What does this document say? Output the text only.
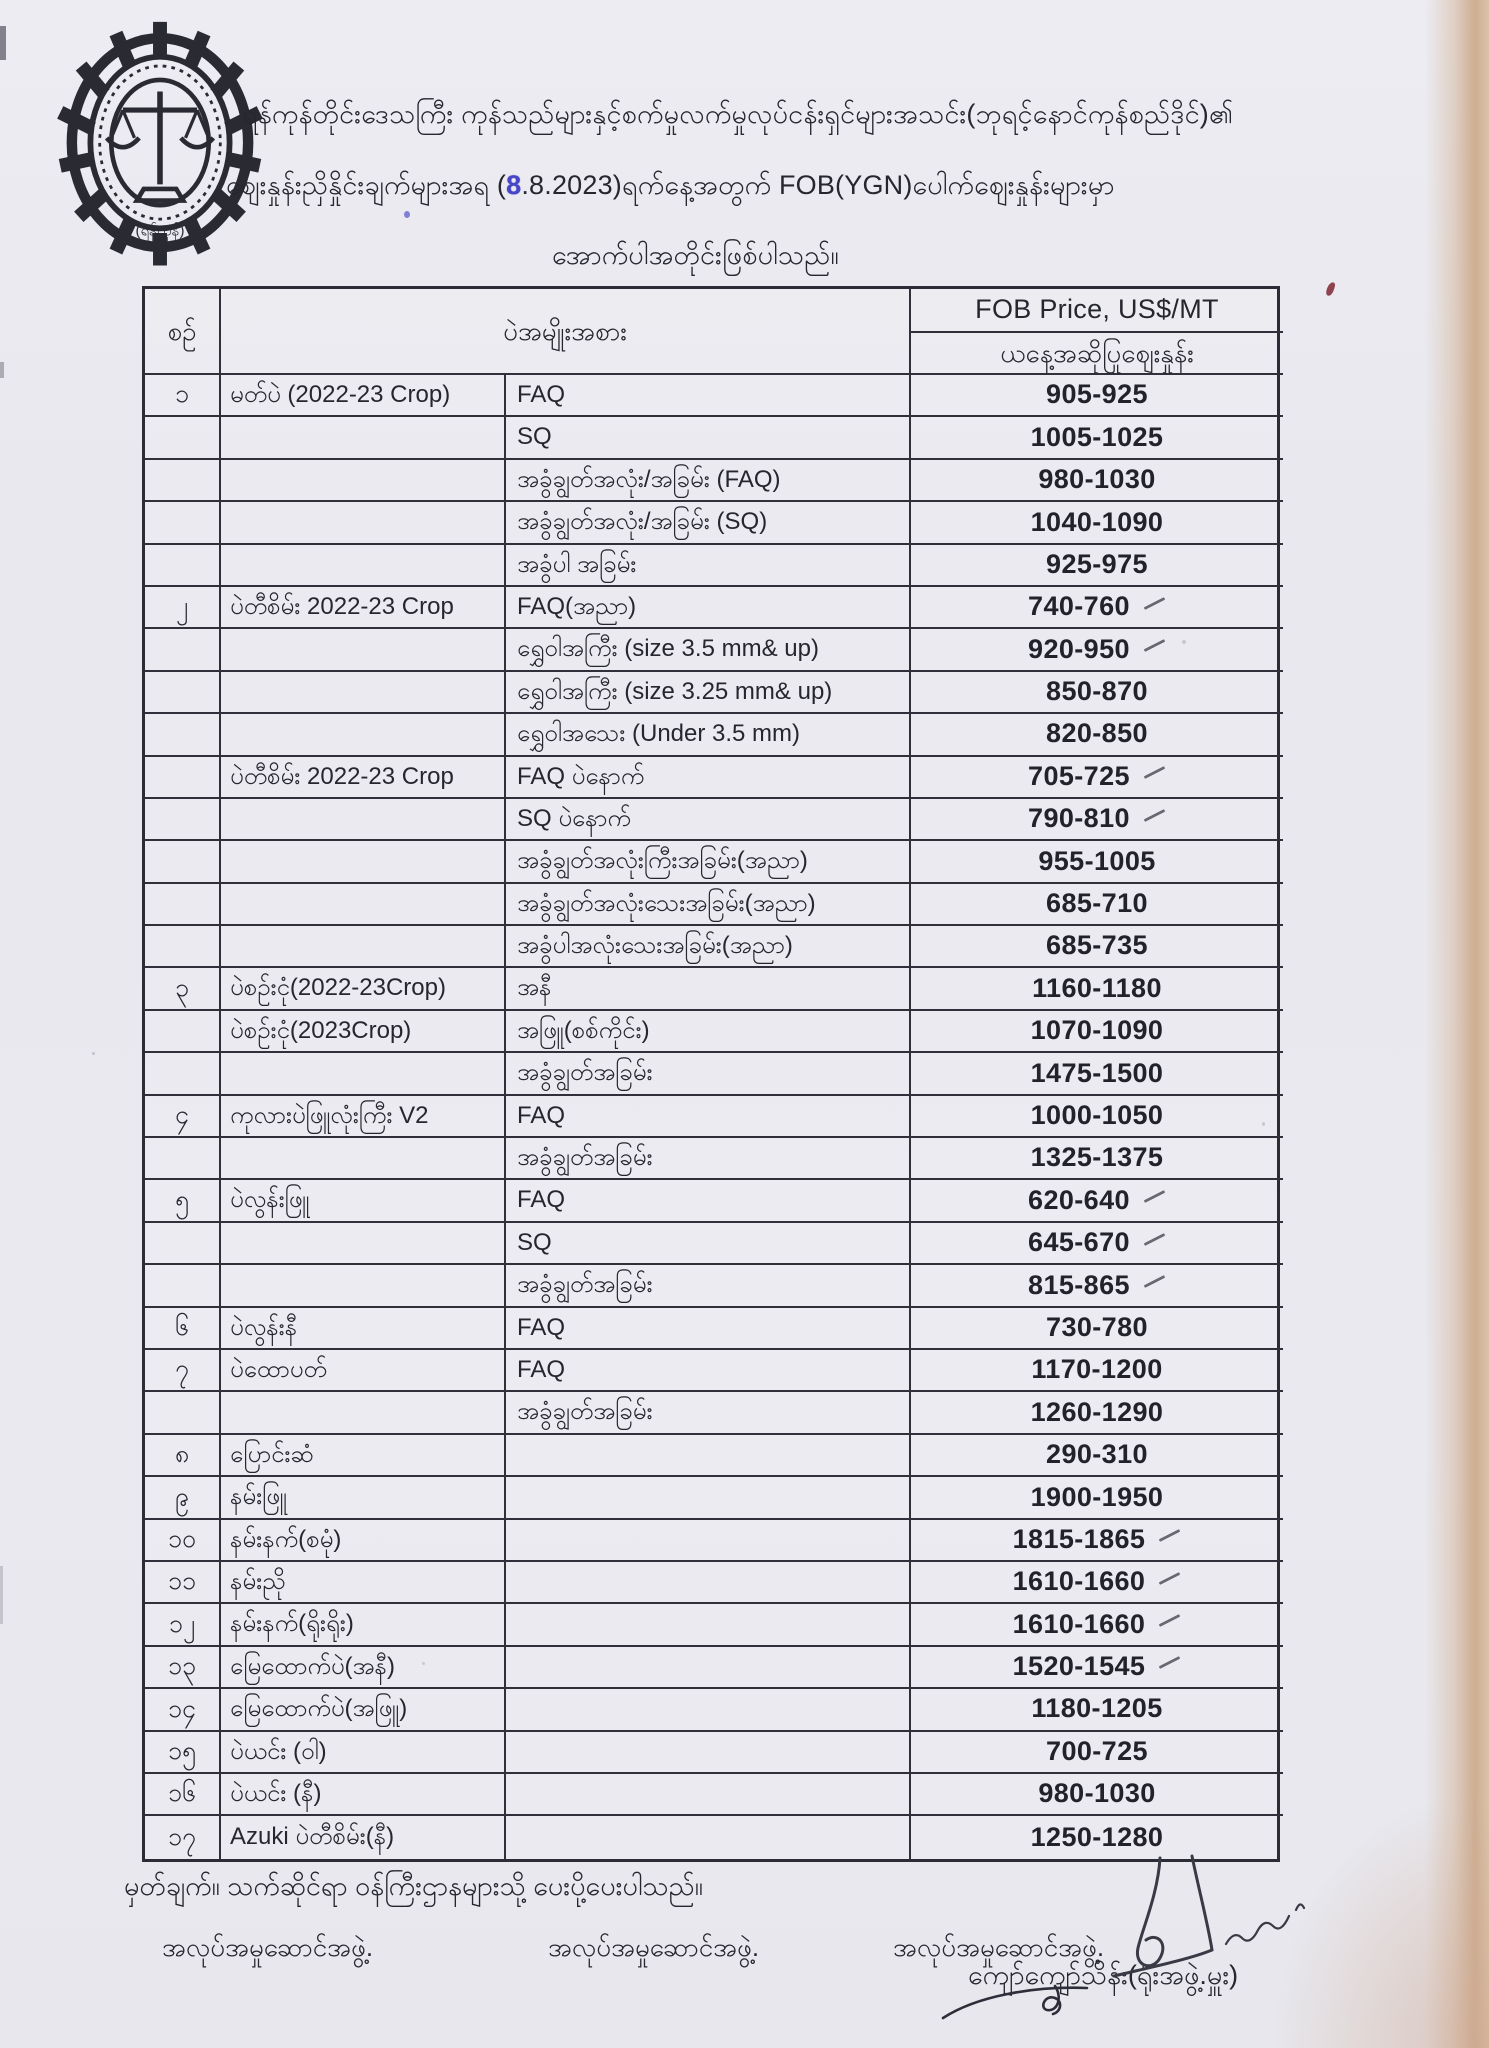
(ရန်ကုန်)
ရန်ကုန်တိုင်းဒေသကြီး ကုန်သည်များနှင့်စက်မှုလက်မှုလုပ်ငန်းရှင်များအသင်း(ဘုရင့်နောင်ကုန်စည်ဒိုင်)၏
ဈေးနှုန်းညှိနှိုင်းချက်များအရ (8.8.2023)ရက်နေ့အတွက် FOB(YGN)ပေါက်ဈေးနှုန်းများမှာ
အောက်ပါအတိုင်းဖြစ်ပါသည်။
စဉ်	ပဲအမျိုးအစား
FOB Price, US$/MT
ယနေ့အဆိုပြုဈေးနှုန်း
၁	မတ်ပဲ (2022-23 Crop)	FAQ	905-925
SQ	1005-1025
အခွံချွတ်အလုံး/အခြမ်း (FAQ)	980-1030
အခွံချွတ်အလုံး/အခြမ်း (SQ)	1040-1090
အခွံပါ အခြမ်း	925-975
၂	ပဲတီစိမ်း 2022-23 Crop	FAQ(အညာ)	740-760
ရွှေဝါအကြီး (size 3.5 mm& up)	920-950
ရွှေဝါအကြီး (size 3.25 mm& up)	850-870
ရွှေဝါအသေး (Under 3.5 mm)	820-850
ပဲတီစိမ်း 2022-23 Crop	FAQ ပဲနောက်	705-725
SQ ပဲနောက်	790-810
အခွံချွတ်အလုံးကြီးအခြမ်း(အညာ)	955-1005
အခွံချွတ်အလုံးသေးအခြမ်း(အညာ)	685-710
အခွံပါအလုံးသေးအခြမ်း(အညာ)	685-735
၃	ပဲစဉ်းငုံ(2022-23Crop)	အနီ	1160-1180
ပဲစဉ်းငုံ(2023Crop)	အဖြူ(စစ်ကိုင်း)	1070-1090
အခွံချွတ်အခြမ်း	1475-1500
၄	ကုလားပဲဖြူလုံးကြီး V2	FAQ	1000-1050
အခွံချွတ်အခြမ်း	1325-1375
၅	ပဲလွန်းဖြူ	FAQ	620-640
SQ	645-670
အခွံချွတ်အခြမ်း	815-865
၆	ပဲလွန်းနီ	FAQ	730-780
၇	ပဲထောပတ်	FAQ	1170-1200
အခွံချွတ်အခြမ်း	1260-1290
၈	ပြောင်းဆံ	290-310
၉	နမ်းဖြူ	1900-1950
၁၀	နမ်းနက်(စမုံ)	1815-1865
၁၁	နမ်းညို	1610-1660
၁၂	နမ်းနက်(ရိုးရိုး)	1610-1660
၁၃	မြေထောက်ပဲ(အနီ)	1520-1545
၁၄	မြေထောက်ပဲ(အဖြူ)	1180-1205
၁၅	ပဲယင်း (ဝါ)	700-725
၁၆	ပဲယင်း (နီ)	980-1030
၁၇	Azuki ပဲတီစိမ်း(နီ)	1250-1280
မှတ်ချက်။ သက်ဆိုင်ရာ ဝန်ကြီးဌာနများသို့ ပေးပို့ပေးပါသည်။
အလုပ်အမှုဆောင်အဖွဲ့.	အလုပ်အမှုဆောင်အဖွဲ့.	အလုပ်အမှုဆောင်အဖွဲ့.
ကျော်ကျော်သိန်း(ရုံးအဖွဲ့.မှူး)
